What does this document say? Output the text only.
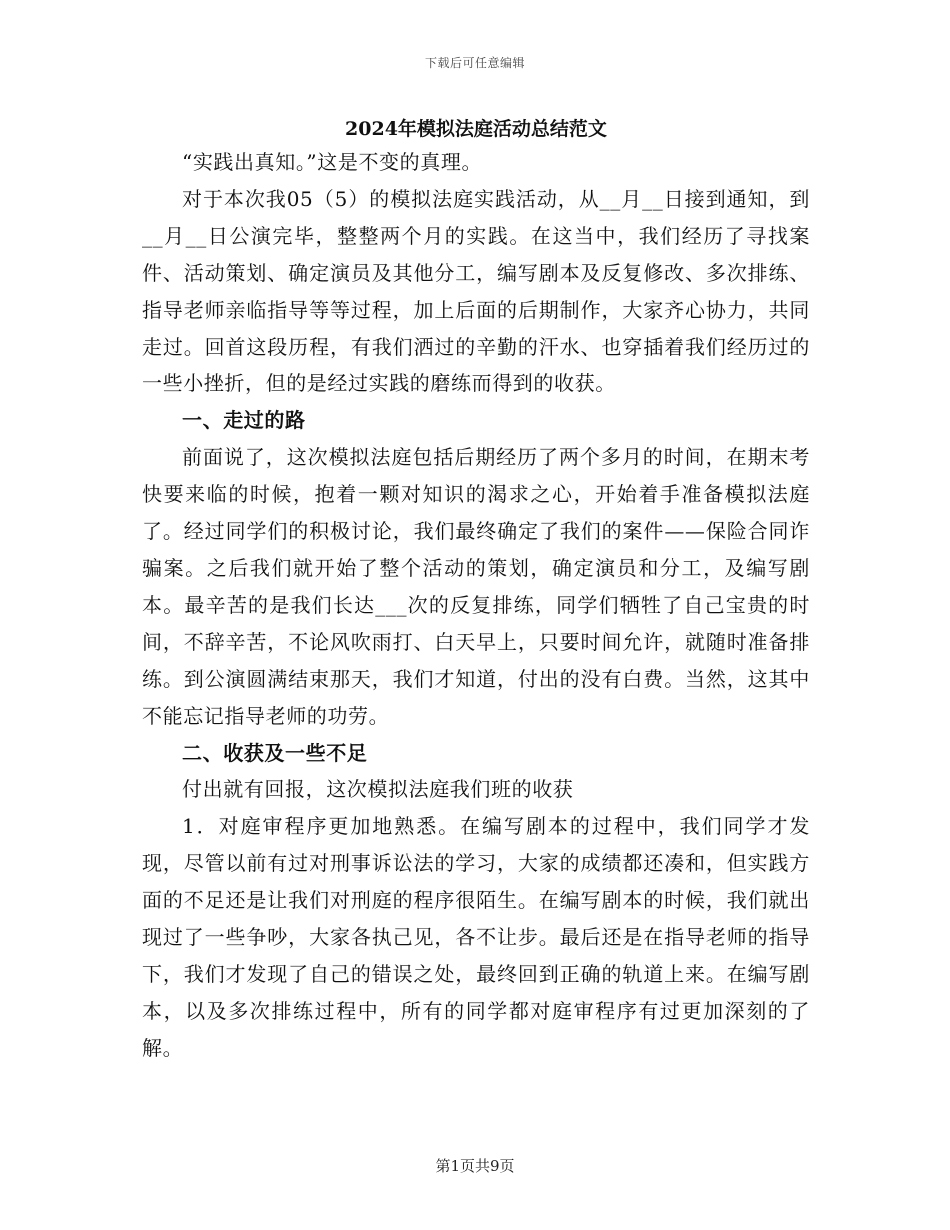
下载后可任意编辑
2024年模拟法庭活动总结范文

“实践出真知。”这是不变的真理。

对于本次我05（5）的模拟法庭实践活动，从__月__日接到通知，到__月__日公演完毕，整整两个月的实践。在这当中，我们经历了寻找案件、活动策划、确定演员及其他分工，编写剧本及反复修改、多次排练、指导老师亲临指导等等过程，加上后面的后期制作，大家齐心协力，共同走过。回首这段历程，有我们洒过的辛勤的汗水、也穿插着我们经历过的一些小挫折，但的是经过实践的磨练而得到的收获。

一、走过的路

前面说了，这次模拟法庭包括后期经历了两个多月的时间，在期末考快要来临的时候，抱着一颗对知识的渴求之心，开始着手准备模拟法庭了。经过同学们的积极讨论，我们最终确定了我们的案件——保险合同诈骗案。之后我们就开始了整个活动的策划，确定演员和分工，及编写剧本。最辛苦的是我们长达___次的反复排练，同学们牺牲了自己宝贵的时间，不辞辛苦，不论风吹雨打、白天早上，只要时间允许，就随时准备排练。到公演圆满结束那天，我们才知道，付出的没有白费。当然，这其中不能忘记指导老师的功劳。

二、收获及一些不足

付出就有回报，这次模拟法庭我们班的收获

1．对庭审程序更加地熟悉。在编写剧本的过程中，我们同学才发现，尽管以前有过对刑事诉讼法的学习，大家的成绩都还凑和，但实践方面的不足还是让我们对刑庭的程序很陌生。在编写剧本的时候，我们就出现过了一些争吵，大家各执己见，各不让步。最后还是在指导老师的指导下，我们才发现了自己的错误之处，最终回到正确的轨道上来。在编写剧本，以及多次排练过程中，所有的同学都对庭审程序有过更加深刻的了解。

第1页共9页
